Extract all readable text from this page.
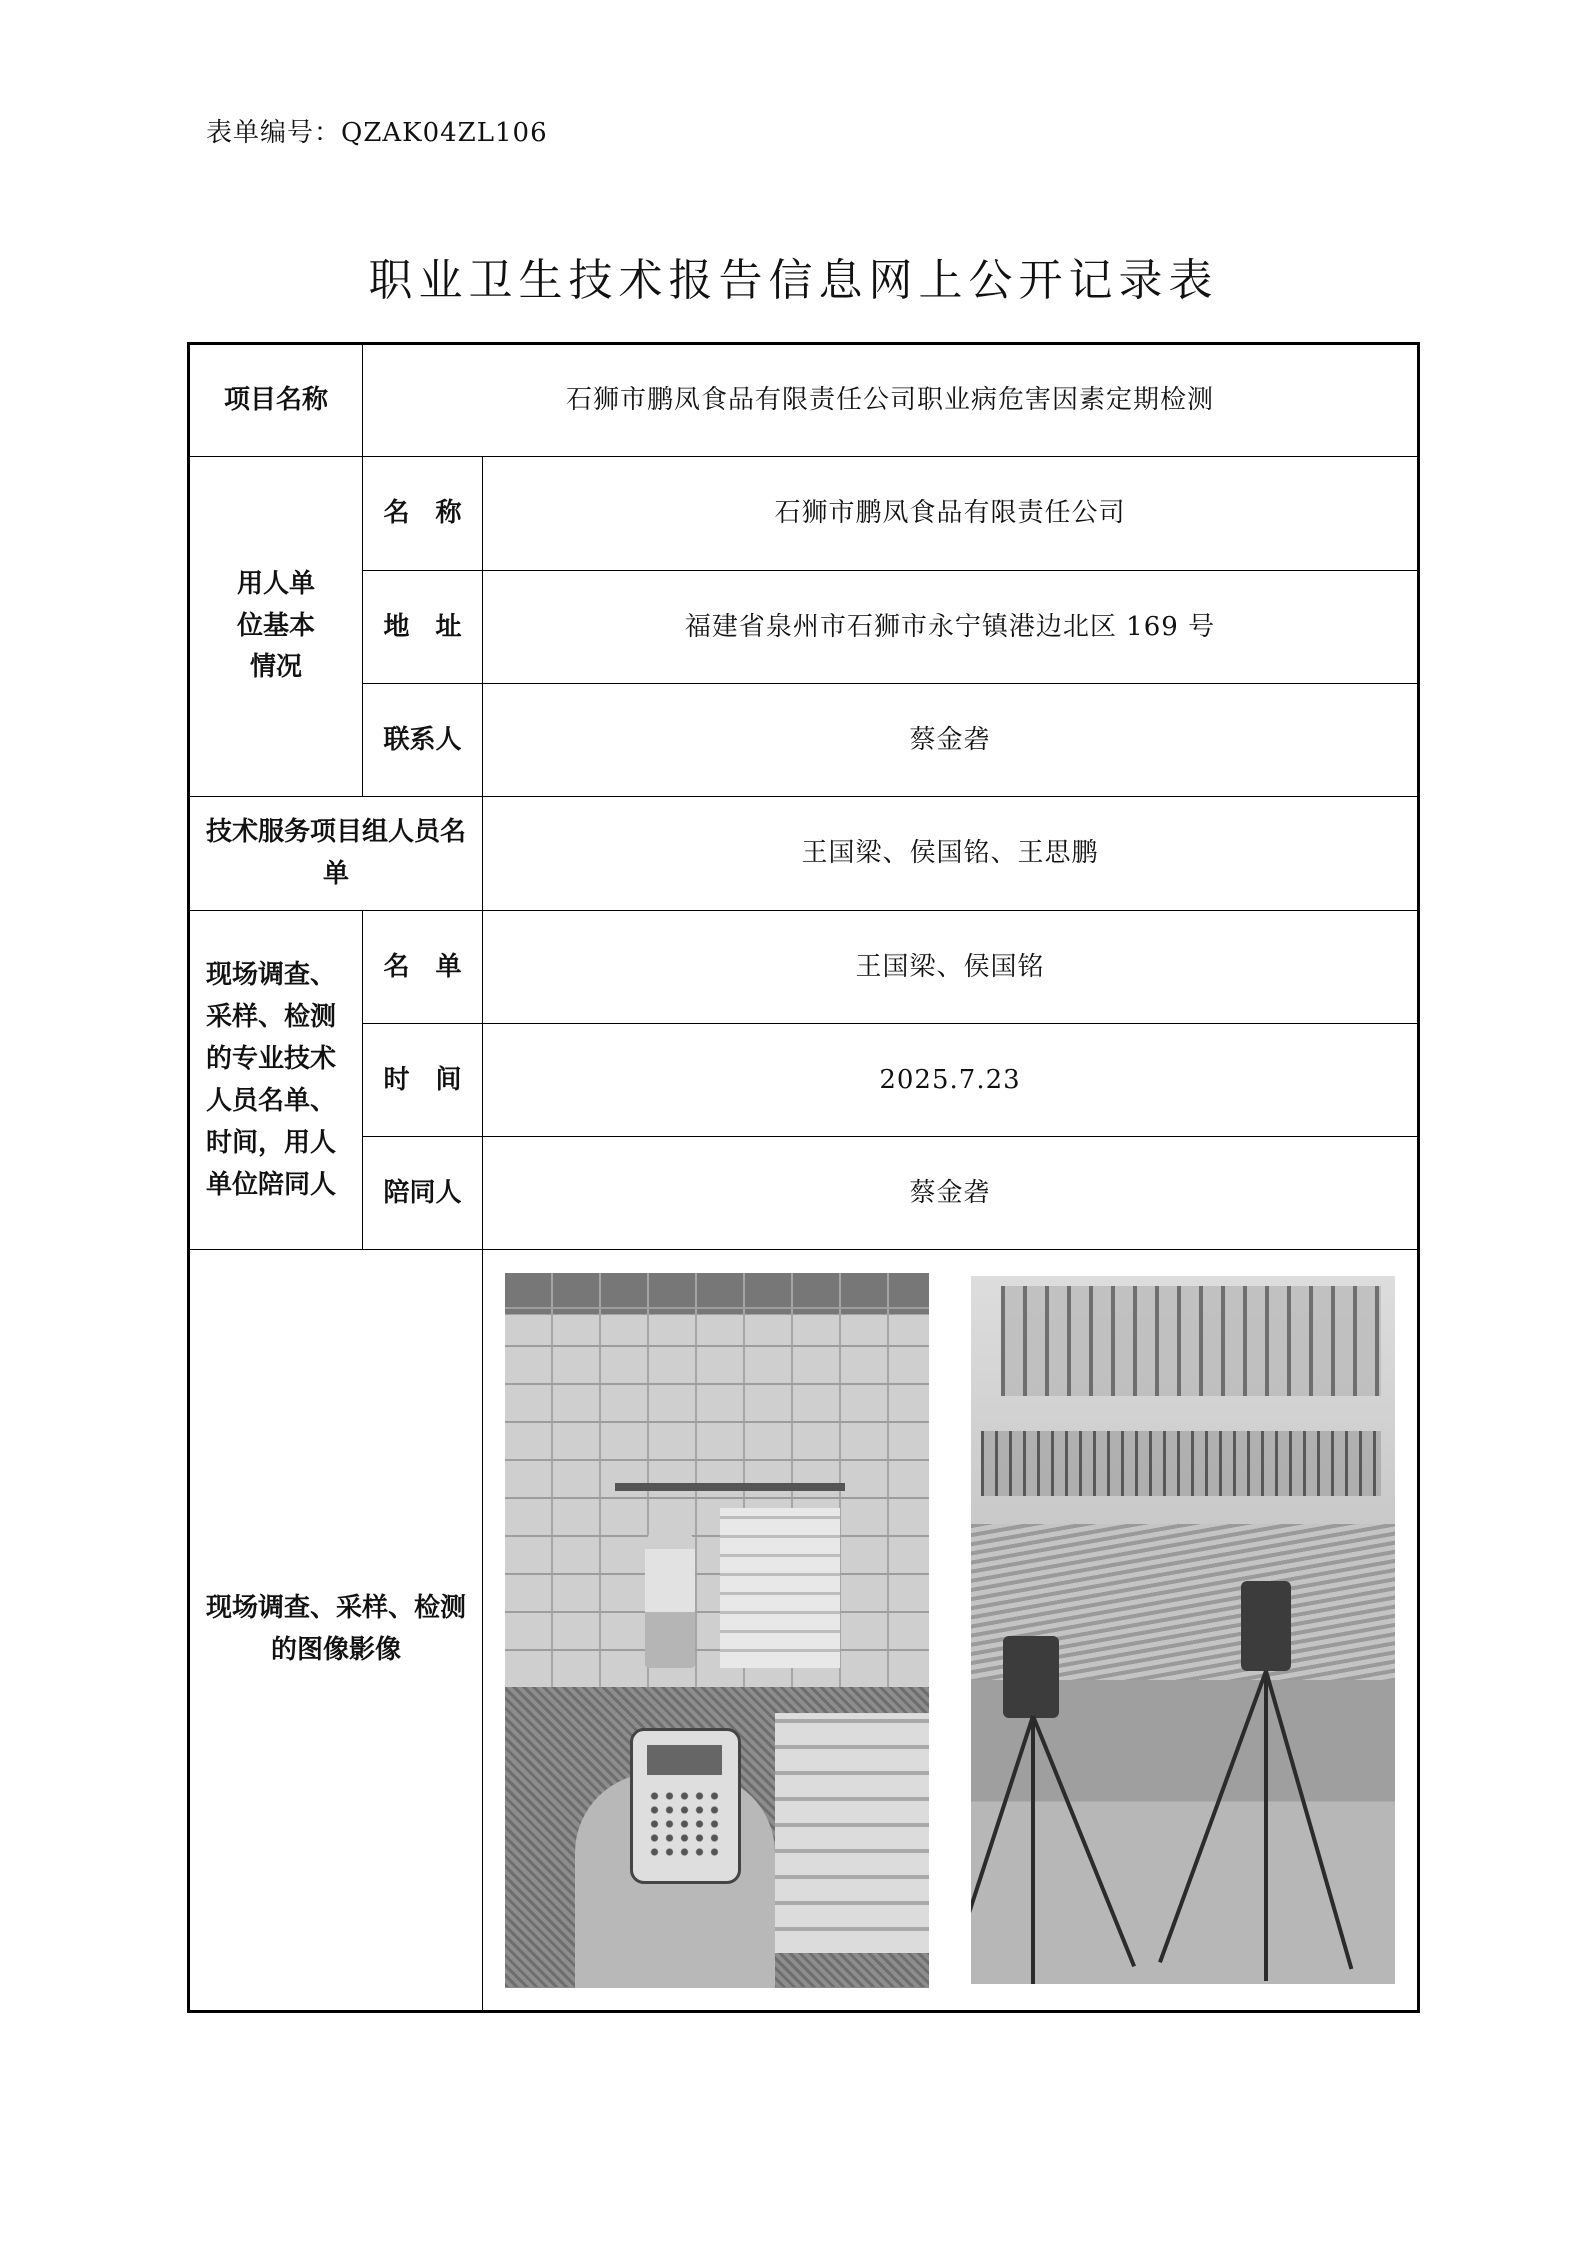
表单编号：QZAK04ZL106
职业卫生技术报告信息网上公开记录表
项目名称	石狮市鹏凤食品有限责任公司职业病危害因素定期检测	

用人单位基本情况	名　称	石狮市鹏凤食品有限责任公司
	地　址	福建省泉州市石狮市永宁镇港边北区 169 号
	联系人	蔡金砻

技术服务项目组人员名单		王国梁、侯国铭、王思鹏

现场调查、采样、检测的专业技术人员名单、时间，用人单位陪同人	名　单	王国梁、侯国铭
	时　间	2025.7.23
	陪同人	蔡金砻

现场调查、采样、检测的图像影像		
